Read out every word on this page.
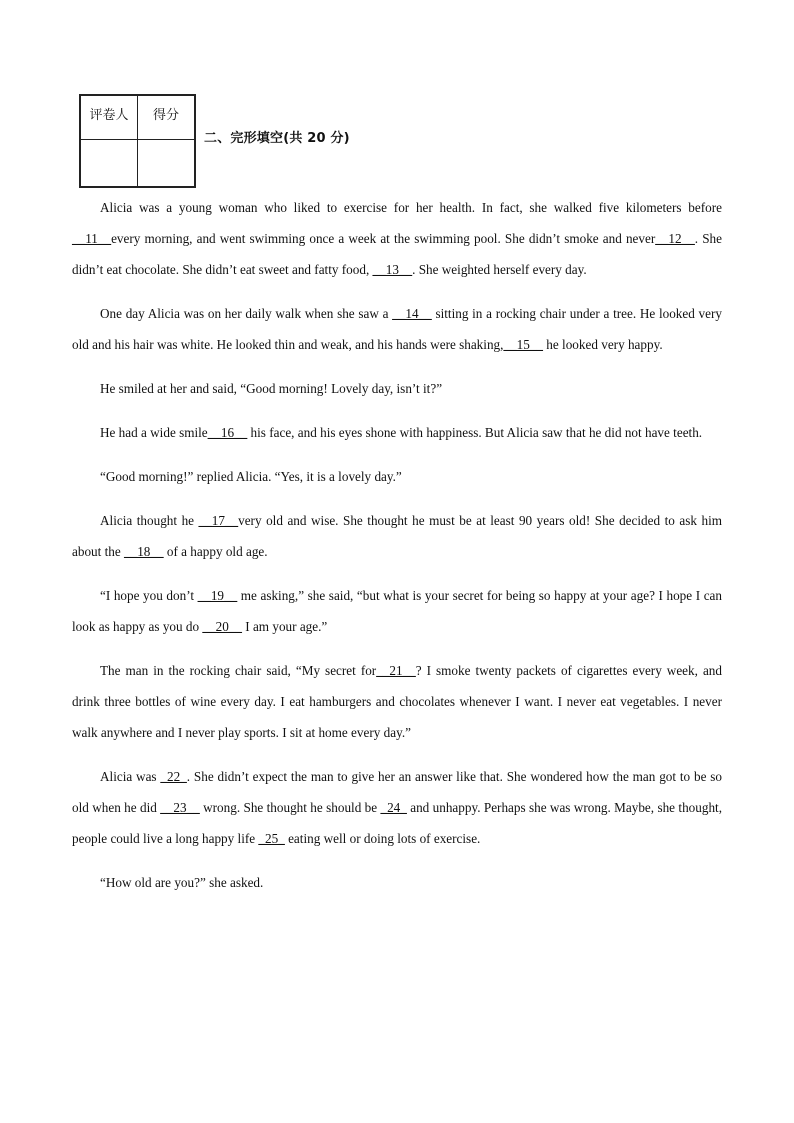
评卷人	得分

二、完形填空(共 20 分)

Alicia was a young woman who liked to exercise for her health. In fact, she walked five kilometers before __11__every morning, and went swimming once a week at the swimming pool. She didn’t smoke and never__12__. She didn’t eat chocolate. She didn’t eat sweet and fatty food, __13__. She weighted herself every day.

One day Alicia was on her daily walk when she saw a __14__ sitting in a rocking chair under a tree. He looked very old and his hair was white. He looked thin and weak, and his hands were shaking,__15__ he looked very happy.

He smiled at her and said, “Good morning! Lovely day, isn’t it?”

He had a wide smile__16__ his face, and his eyes shone with happiness. But Alicia saw that he did not have teeth.

“Good morning!” replied Alicia. “Yes, it is a lovely day.”

Alicia thought he __17__very old and wise. She thought he must be at least 90 years old! She decided to ask him about the __18__ of a happy old age.

“I hope you don’t __19__ me asking,” she said, “but what is your secret for being so happy at your age? I hope I can look as happy as you do __20__ I am your age.”

The man in the rocking chair said, “My secret for__21__? I smoke twenty packets of cigarettes every week, and drink three bottles of wine every day. I eat hamburgers and chocolates whenever I want. I never eat vegetables. I never walk anywhere and I never play sports. I sit at home every day.”

Alicia was _22_. She didn’t expect the man to give her an answer like that. She wondered how the man got to be so old when he did __23__ wrong. She thought he should be _24_ and unhappy. Perhaps she was wrong. Maybe, she thought, people could live a long happy life _25_ eating well or doing lots of exercise.

“How old are you?” she asked.
